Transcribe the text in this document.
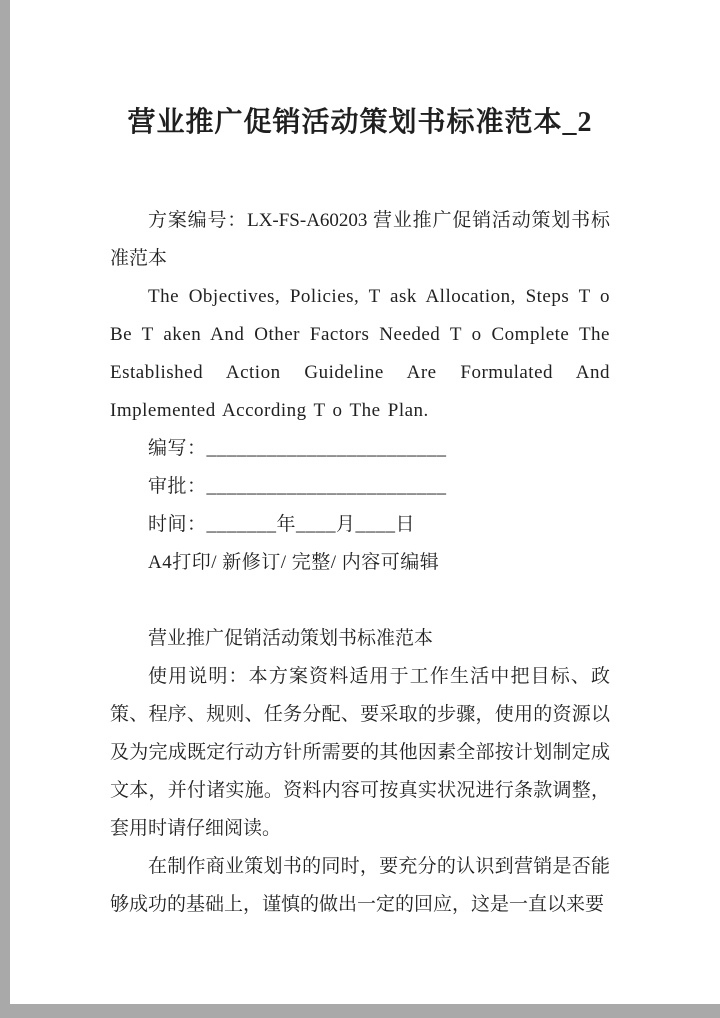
营业推广促销活动策划书标准范本_2

方案编号：LX-FS-A60203 营业推广促销活动策划书标准范本

The Objectives, Policies, T ask Allocation, Steps T o Be T aken And Other Factors Needed T o Complete The Established Action Guideline Are Formulated And Implemented According T o The Plan.

编写：________________________

审批：________________________

时间：_______年____月____日

A4打印/ 新修订/ 完整/ 内容可编辑

营业推广促销活动策划书标准范本

使用说明：本方案资料适用于工作生活中把目标、政策、程序、规则、任务分配、要采取的步骤，使用的资源以及为完成既定行动方针所需要的其他因素全部按计划制定成文本，并付诸实施。资料内容可按真实状况进行条款调整，套用时请仔细阅读。

在制作商业策划书的同时，要充分的认识到营销是否能够成功的基础上，谨慎的做出一定的回应，这是一直以来要
